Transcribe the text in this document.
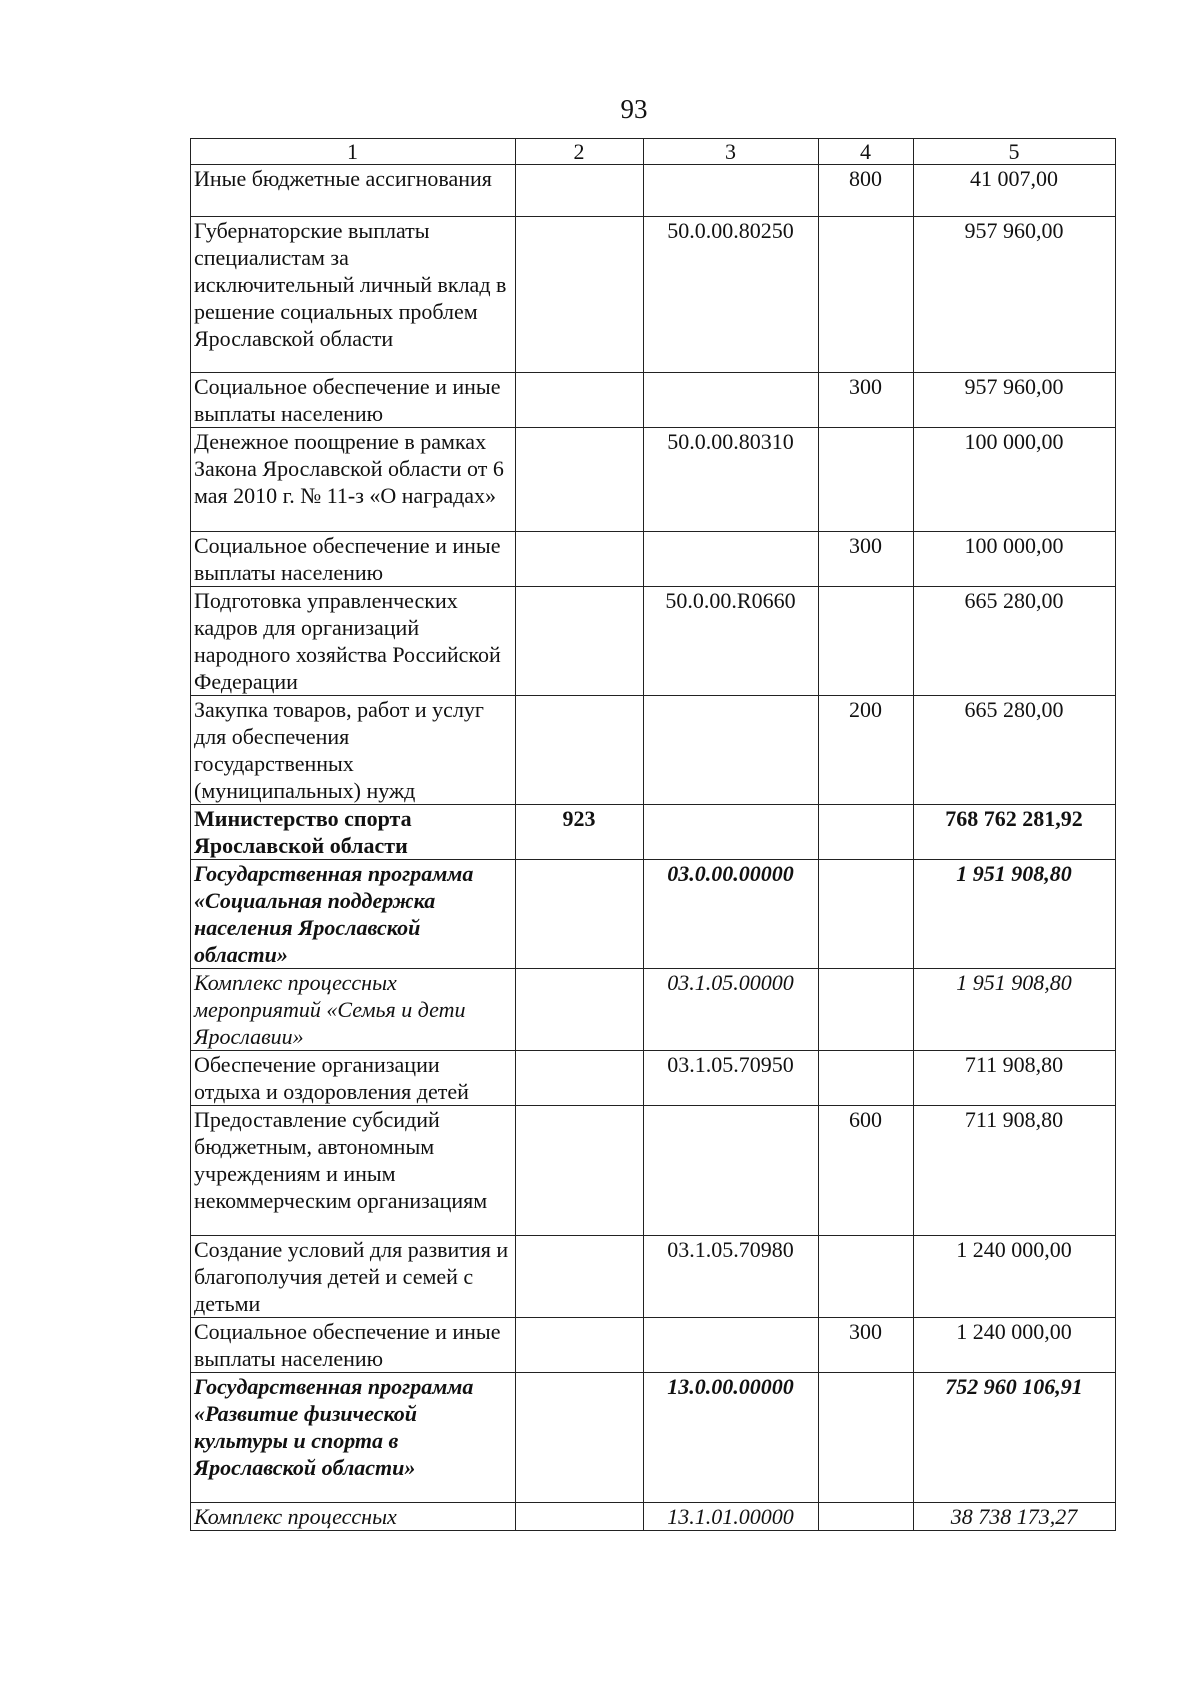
93
1	2	3	4	5
Иные бюджетные ассигнования			800	41 007,00
Губернаторские выплаты специалистам за исключительный личный вклад в решение социальных проблем Ярославской области		50.0.00.80250		957 960,00
Социальное обеспечение и иные выплаты населению			300	957 960,00
Денежное поощрение в рамках Закона Ярославской области от 6 мая 2010 г. № 11-з «О наградах»		50.0.00.80310		100 000,00
Социальное обеспечение и иные выплаты населению			300	100 000,00
Подготовка управленческих кадров для организаций народного хозяйства Российской Федерации		50.0.00.R0660		665 280,00
Закупка товаров, работ и услуг для обеспечения государственных (муниципальных) нужд			200	665 280,00
Министерство спорта Ярославской области	923			768 762 281,92
Государственная программа «Социальная поддержка населения Ярославской области»		03.0.00.00000		1 951 908,80
Комплекс процессных мероприятий «Семья и дети Ярославии»		03.1.05.00000		1 951 908,80
Обеспечение организации отдыха и оздоровления детей		03.1.05.70950		711 908,80
Предоставление субсидий бюджетным, автономным учреждениям и иным некоммерческим организациям			600	711 908,80
Создание условий для развития и благополучия детей и семей с детьми		03.1.05.70980		1 240 000,00
Социальное обеспечение и иные выплаты населению			300	1 240 000,00
Государственная программа «Развитие физической культуры и спорта в Ярославской области»		13.0.00.00000		752 960 106,91
Комплекс процессных		13.1.01.00000		38 738 173,27
